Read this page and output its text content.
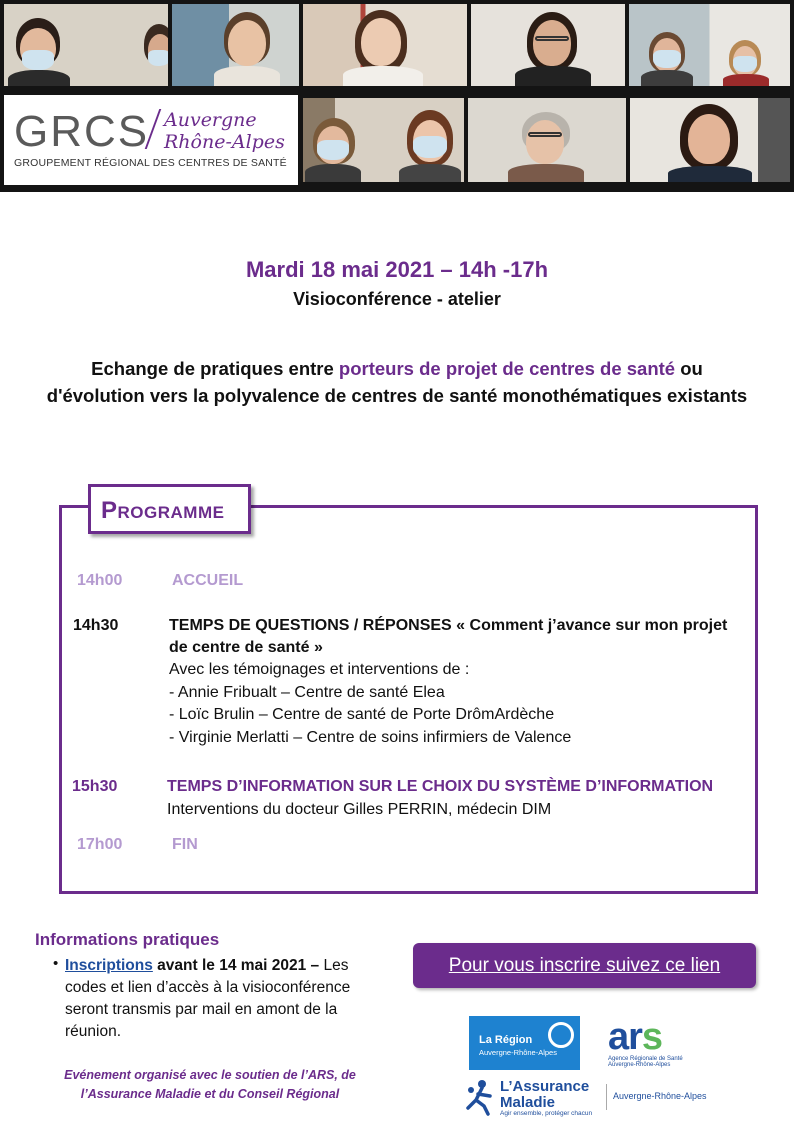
GRCS Auvergne
Rhône-Alpes
GROUPEMENT RÉGIONAL DES CENTRES DE SANTÉ
Mardi 18 mai 2021 – 14h -17h
Visioconférence - atelier
Echange de pratiques entre porteurs de projet de centres de santé ou d'évolution vers la polyvalence de centres de santé monothématiques existants
Programme
14h00	ACCUEIL
14h30	TEMPS DE QUESTIONS / RÉPONSES « Comment j’avance sur mon projet
de centre de santé »
Avec les témoignages et interventions de :
- Annie Fribualt – Centre de santé Elea
- Loïc Brulin – Centre de santé de Porte DrômArdèche
- Virginie Merlatti – Centre de soins infirmiers de Valence
15h30	TEMPS D’INFORMATION SUR LE CHOIX DU SYSTÈME D’INFORMATION
Interventions du docteur Gilles PERRIN, médecin DIM
17h00	FIN
Informations pratiques
• Inscriptions avant le 14 mai 2021 – Les codes et lien d’accès à la visioconférence seront transmis par mail en amont de la réunion.
Evénement organisé avec le soutien de l’ARS, de l’Assurance Maladie et du Conseil Régional
Pour vous inscrire suivez ce lien
La Région
Auvergne-Rhône-Alpes ars
Agence Régionale de Santé Auvergne-Rhône-Alpes
L’Assurance
Maladie
Agir ensemble, protéger chacun
Auvergne-Rhône-Alpes
